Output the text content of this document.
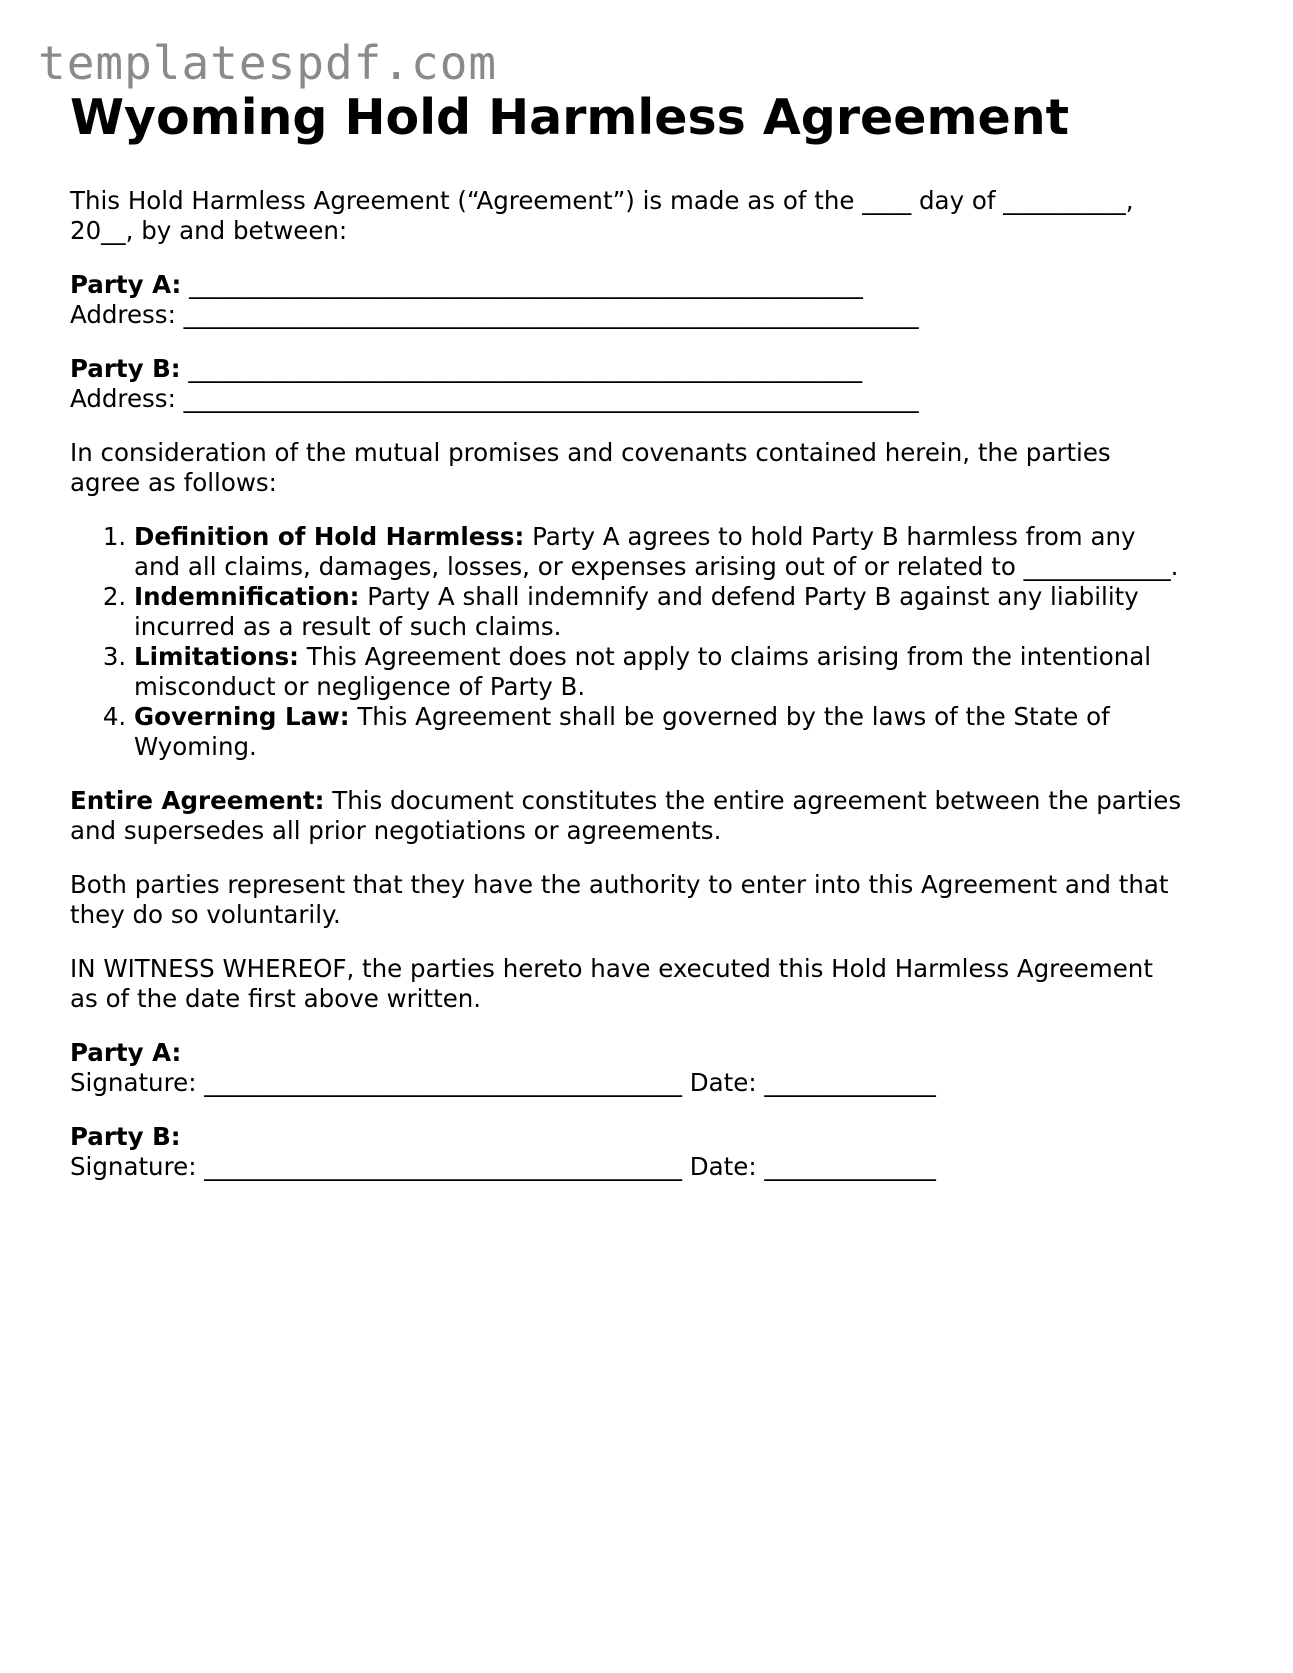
templatespdf.com
Wyoming Hold Harmless Agreement

This Hold Harmless Agreement (“Agreement”) is made as of the ____ day of __________,
20__, by and between:

Party A: _______________________________________________________
Address: ____________________________________________________________
Party B: _______________________________________________________
Address: ____________________________________________________________

In consideration of the mutual promises and covenants contained herein, the parties
agree as follows:

1. Definition of Hold Harmless: Party A agrees to hold Party B harmless from any
and all claims, damages, losses, or expenses arising out of or related to ____________.
2. Indemnification: Party A shall indemnify and defend Party B against any liability
incurred as a result of such claims.
3. Limitations: This Agreement does not apply to claims arising from the intentional
misconduct or negligence of Party B.
4. Governing Law: This Agreement shall be governed by the laws of the State of
Wyoming.

Entire Agreement: This document constitutes the entire agreement between the parties
and supersedes all prior negotiations or agreements.

Both parties represent that they have the authority to enter into this Agreement and that
they do so voluntarily.

IN WITNESS WHEREOF, the parties hereto have executed this Hold Harmless Agreement
as of the date first above written.

Party A:
Signature: _______________________________________ Date: ______________
Party B:
Signature: _______________________________________ Date: ______________
